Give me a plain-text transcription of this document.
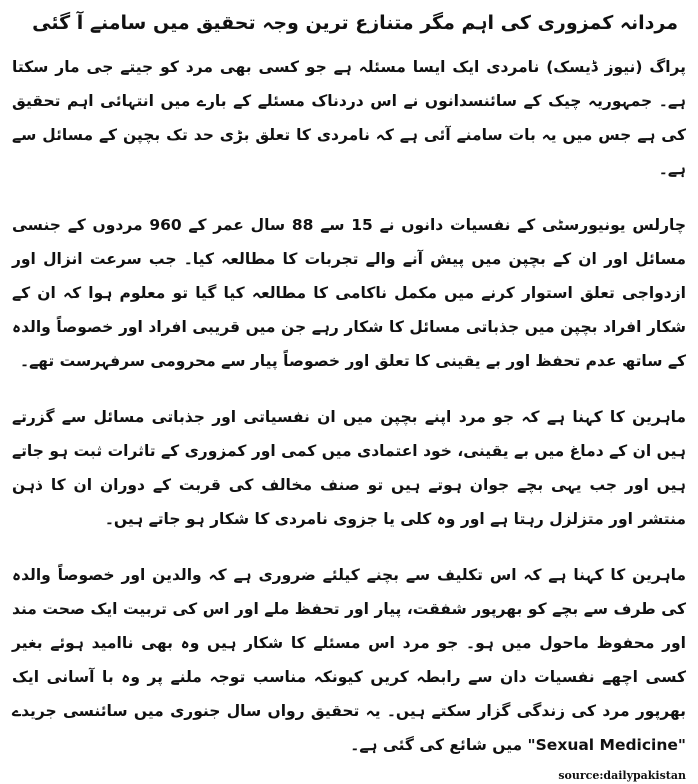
مردانہ کمزوری کی اہم مگر متنازع ترین وجہ تحقیق میں سامنے آ گئی

پراگ (نیوز ڈیسک) نامردی ایک ایسا مسئلہ ہے جو کسی بھی مرد کو جیتے جی مار سکتا ہے۔ جمہوریہ چیک کے سائنسدانوں نے اس دردناک مسئلے کے بارے میں انتہائی اہم تحقیق کی ہے جس میں یہ بات سامنے آئی ہے کہ نامردی کا تعلق بڑی حد تک بچپن کے مسائل سے ہے۔

چارلس یونیورسٹی کے نفسیات دانوں نے 15 سے 88 سال عمر کے 960 مردوں کے جنسی مسائل اور ان کے بچپن میں پیش آنے والے تجربات کا مطالعہ کیا۔ جب سرعت انزال اور ازدواجی تعلق استوار کرنے میں مکمل ناکامی کا مطالعہ کیا گیا تو معلوم ہوا کہ ان کے شکار افراد بچپن میں جذباتی مسائل کا شکار رہے جن میں قریبی افراد اور خصوصاً والدہ کے ساتھ عدم تحفظ اور بے یقینی کا تعلق اور خصوصاً پیار سے محرومی سرفہرست تھے۔

ماہرین کا کہنا ہے کہ جو مرد اپنے بچپن میں ان نفسیاتی اور جذباتی مسائل سے گزرتے ہیں ان کے دماغ میں بے یقینی، خود اعتمادی میں کمی اور کمزوری کے تاثرات ثبت ہو جاتے ہیں اور جب یہی بچے جوان ہوتے ہیں تو صنف مخالف کی قربت کے دوران ان کا ذہن منتشر اور متزلزل رہتا ہے اور وہ کلی یا جزوی نامردی کا شکار ہو جاتے ہیں۔

ماہرین کا کہنا ہے کہ اس تکلیف سے بچنے کیلئے ضروری ہے کہ والدین اور خصوصاً والدہ کی طرف سے بچے کو بھرپور شفقت، پیار اور تحفظ ملے اور اس کی تربیت ایک صحت مند اور محفوظ ماحول میں ہو۔ جو مرد اس مسئلے کا شکار ہیں وہ بھی ناامید ہوئے بغیر کسی اچھے نفسیات دان سے رابطہ کریں کیونکہ مناسب توجہ ملنے پر وہ با آسانی ایک بھرپور مرد کی زندگی گزار سکتے ہیں۔ یہ تحقیق رواں سال جنوری میں سائنسی جریدے "Sexual Medicine" میں شائع کی گئی ہے۔

source:dailypakistan
